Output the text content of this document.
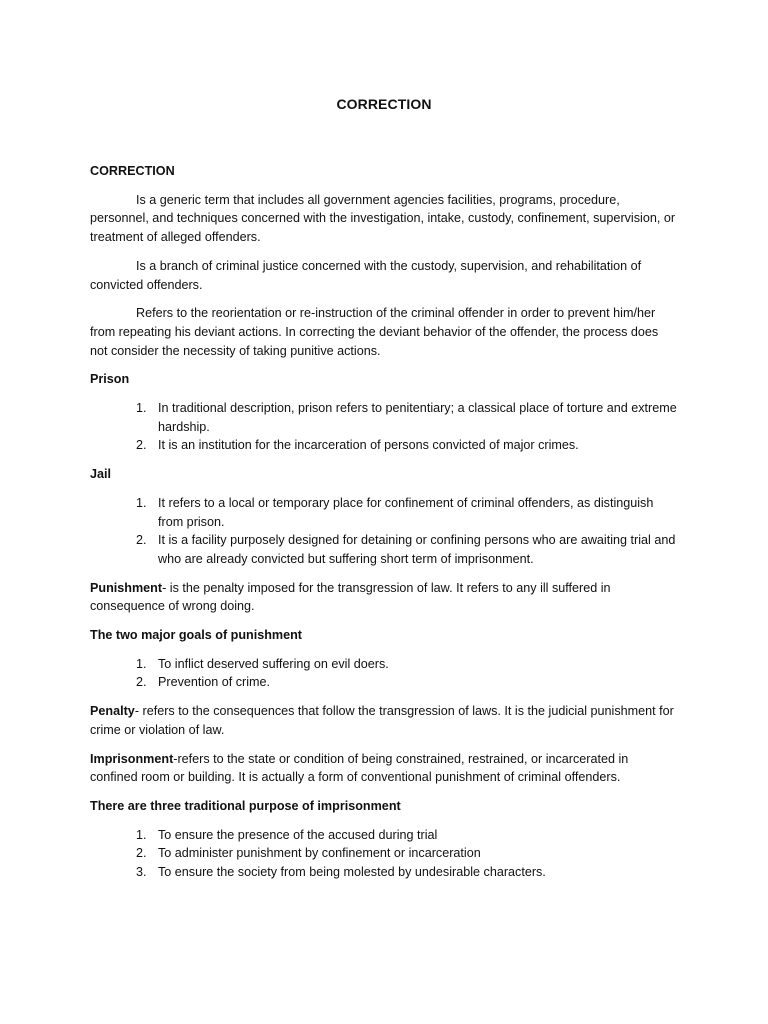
CORRECTION

CORRECTION

Is a generic term that includes all government agencies facilities, programs, procedure, personnel, and techniques concerned with the investigation, intake, custody, confinement, supervision, or treatment of alleged offenders.

Is a branch of criminal justice concerned with the custody, supervision, and rehabilitation of convicted offenders.

Refers to the reorientation or re-instruction of the criminal offender in order to prevent him/her from repeating his deviant actions. In correcting the deviant behavior of the offender, the process does not consider the necessity of taking punitive actions.

Prison

1. In traditional description, prison refers to penitentiary; a classical place of torture and extreme hardship.
2. It is an institution for the incarceration of persons convicted of major crimes.

Jail

1. It refers to a local or temporary place for confinement of criminal offenders, as distinguish from prison.
2. It is a facility purposely designed for detaining or confining persons who are awaiting trial and who are already convicted but suffering short term of imprisonment.

Punishment- is the penalty imposed for the transgression of law. It refers to any ill suffered in consequence of wrong doing.

The two major goals of punishment

1. To inflict deserved suffering on evil doers.
2. Prevention of crime.

Penalty- refers to the consequences that follow the transgression of laws. It is the judicial punishment for crime or violation of law.

Imprisonment-refers to the state or condition of being constrained, restrained, or incarcerated in confined room or building. It is actually a form of conventional punishment of criminal offenders.

There are three traditional purpose of imprisonment

1. To ensure the presence of the accused during trial
2. To administer punishment by confinement or incarceration
3. To ensure the society from being molested by undesirable characters.
